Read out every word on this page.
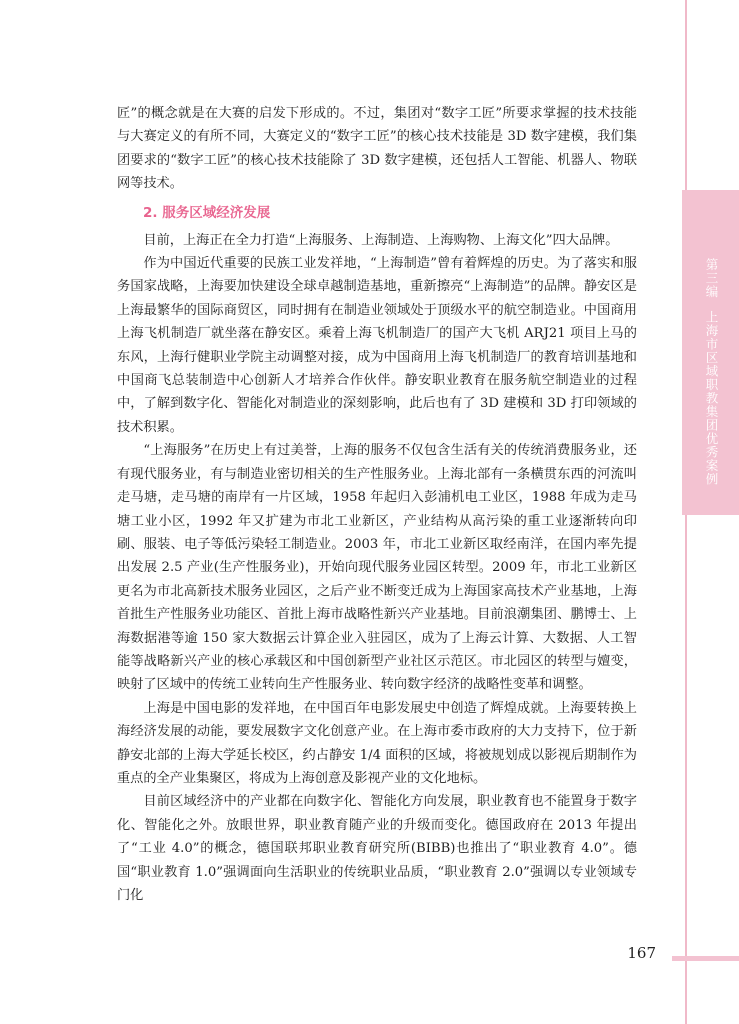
第三编上海市区域职教集团优秀案例

匠”的概念就是在大赛的启发下形成的。不过，集团对“数字工匠”所要求掌握的技术技能与大赛定义的有所不同，大赛定义的“数字工匠”的核心技术技能是 3D 数字建模，我们集团要求的“数字工匠”的核心技术技能除了 3D 数字建模，还包括人工智能、机器人、物联网等技术。

2. 服务区域经济发展

目前，上海正在全力打造“上海服务、上海制造、上海购物、上海文化”四大品牌。

作为中国近代重要的民族工业发祥地，“上海制造”曾有着辉煌的历史。为了落实和服务国家战略，上海要加快建设全球卓越制造基地，重新擦亮“上海制造”的品牌。静安区是上海最繁华的国际商贸区，同时拥有在制造业领域处于顶级水平的航空制造业。中国商用上海飞机制造厂就坐落在静安区。乘着上海飞机制造厂的国产大飞机 ARJ21 项目上马的东风，上海行健职业学院主动调整对接，成为中国商用上海飞机制造厂的教育培训基地和中国商飞总装制造中心创新人才培养合作伙伴。静安职业教育在服务航空制造业的过程中，了解到数字化、智能化对制造业的深刻影响，此后也有了 3D 建模和 3D 打印领域的技术积累。

“上海服务”在历史上有过美誉，上海的服务不仅包含生活有关的传统消费服务业，还有现代服务业，有与制造业密切相关的生产性服务业。上海北部有一条横贯东西的河流叫走马塘，走马塘的南岸有一片区域，1958 年起归入彭浦机电工业区，1988 年成为走马塘工业小区，1992 年又扩建为市北工业新区，产业结构从高污染的重工业逐渐转向印刷、服装、电子等低污染轻工制造业。2003 年，市北工业新区取经南洋，在国内率先提出发展 2.5 产业(生产性服务业)，开始向现代服务业园区转型。2009 年，市北工业新区更名为市北高新技术服务业园区，之后产业不断变迁成为上海国家高技术产业基地，上海首批生产性服务业功能区、首批上海市战略性新兴产业基地。目前浪潮集团、鹏博士、上海数据港等逾 150 家大数据云计算企业入驻园区，成为了上海云计算、大数据、人工智能等战略新兴产业的核心承载区和中国创新型产业社区示范区。市北园区的转型与嬗变，映射了区域中的传统工业转向生产性服务业、转向数字经济的战略性变革和调整。

上海是中国电影的发祥地，在中国百年电影发展史中创造了辉煌成就。上海要转换上海经济发展的动能，要发展数字文化创意产业。在上海市委市政府的大力支持下，位于新静安北部的上海大学延长校区，约占静安 1/4 面积的区域，将被规划成以影视后期制作为重点的全产业集聚区，将成为上海创意及影视产业的文化地标。

目前区域经济中的产业都在向数字化、智能化方向发展，职业教育也不能置身于数字化、智能化之外。放眼世界，职业教育随产业的升级而变化。德国政府在 2013 年提出了“工业 4.0”的概念，德国联邦职业教育研究所(BIBB)也推出了“职业教育 4.0”。德国“职业教育 1.0”强调面向生活职业的传统职业品质，“职业教育 2.0”强调以专业领域专门化

167
